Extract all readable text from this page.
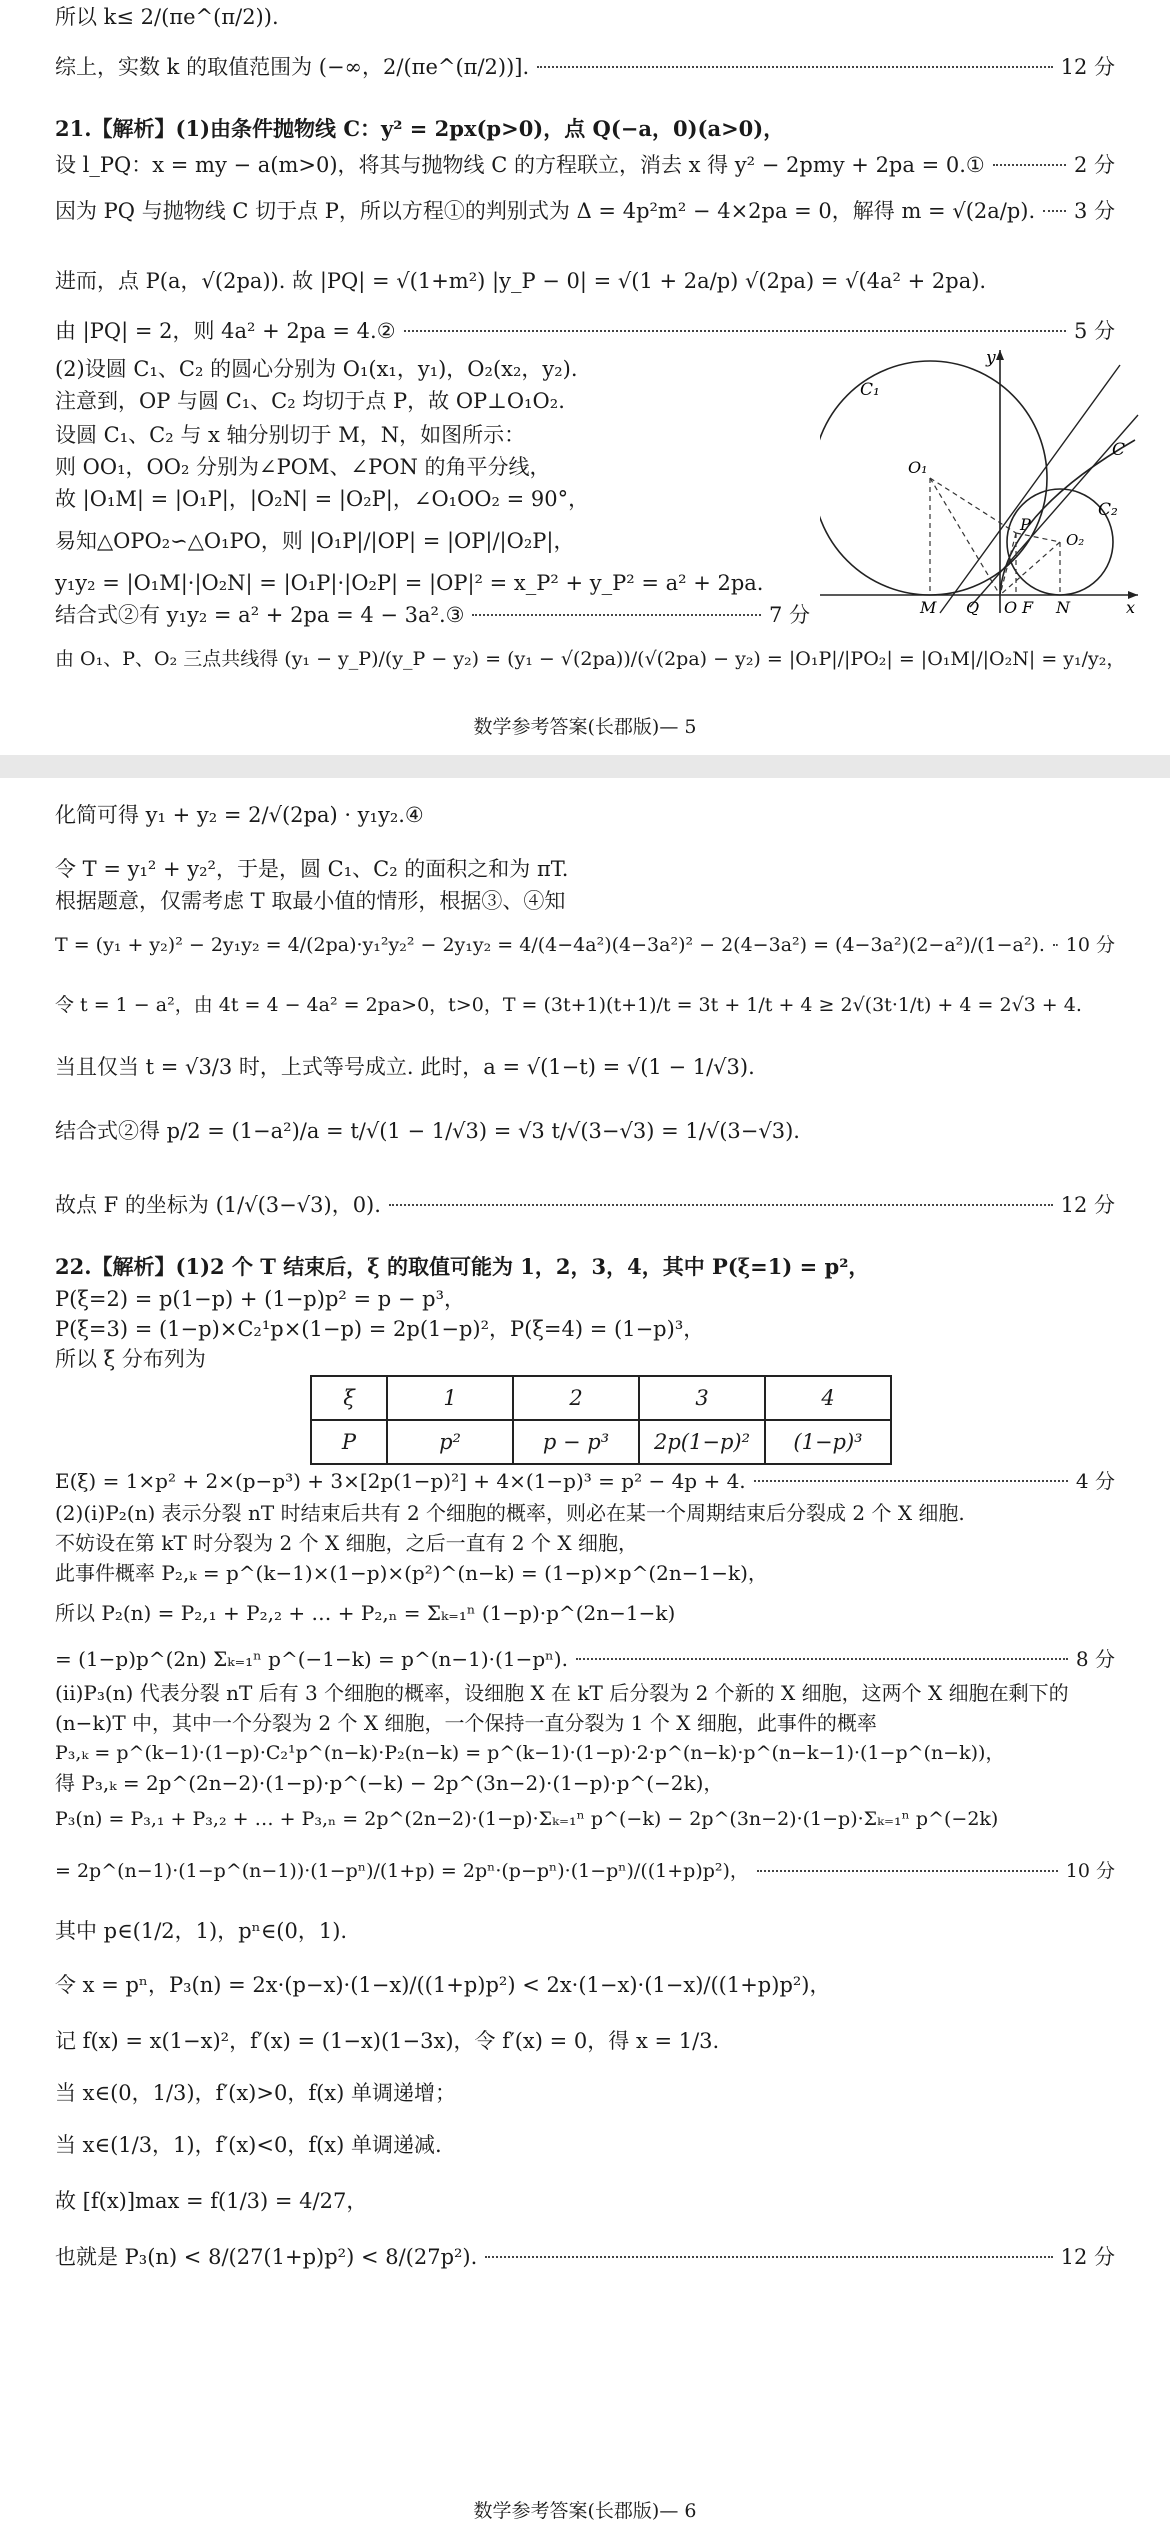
所以 k≤ 2/(πe^(π/2)).
综上，实数 k 的取值范围为 (−∞，2/(πe^(π/2))].	12 分
21.【解析】(1)由条件抛物线 C：y² = 2px(p>0)，点 Q(−a，0)(a>0)，
设 l_PQ：x = my − a(m>0)，将其与抛物线 C 的方程联立，消去 x 得 y² − 2pmy + 2pa = 0.①	2 分
因为 PQ 与抛物线 C 切于点 P，所以方程①的判别式为 Δ = 4p²m² − 4×2pa = 0，解得 m = √(2a/p). 3 分
进而，点 P(a，√(2pa)). 故 |PQ| = √(1+m²) |y_P − 0| = √(1 + 2a/p) √(2pa) = √(4a² + 2pa).
由 |PQ| = 2，则 4a² + 2pa = 4.②	5 分
(2)设圆 C₁、C₂ 的圆心分别为 O₁(x₁，y₁)，O₂(x₂，y₂).
注意到，OP 与圆 C₁、C₂ 均切于点 P，故 OP⊥O₁O₂.
设圆 C₁、C₂ 与 x 轴分别切于 M，N，如图所示：
则 OO₁，OO₂ 分别为∠POM、∠PON 的角平分线，
故 |O₁M| = |O₁P|，|O₂N| = |O₂P|，∠O₁OO₂ = 90°，
易知△OPO₂∽△O₁PO，则 |O₁P|/|OP| = |OP|/|O₂P|，
y₁y₂ = |O₁M|·|O₂N| = |O₁P|·|O₂P| = |OP|² = x_P² + y_P² = a² + 2pa.
结合式②有 y₁y₂ = a² + 2pa = 4 − 3a².③	7 分
由 O₁、P、O₂ 三点共线得 (y₁ − y_P)/(y_P − y₂) = (y₁ − √(2pa))/(√(2pa) − y₂) = |O₁P|/|PO₂| = |O₁M|/|O₂N| = y₁/y₂，
y
C₁
C
C₂
O₁
P
O₂
M Q O F N	x
数学参考答案(长郡版)— 5
化简可得 y₁ + y₂ = 2/√(2pa) · y₁y₂.④
令 T = y₁² + y₂²，于是，圆 C₁、C₂ 的面积之和为 πT.
根据题意，仅需考虑 T 取最小值的情形，根据③、④知
T = (y₁ + y₂)² − 2y₁y₂ = 4/(2pa)·y₁²y₂² − 2y₁y₂ = 4/(4−4a²)(4−3a²)² − 2(4−3a²) = (4−3a²)(2−a²)/(1−a²). 10 分
令 t = 1 − a²，由 4t = 4 − 4a² = 2pa>0，t>0，T = (3t+1)(t+1)/t = 3t + 1/t + 4 ≥ 2√(3t·1/t) + 4 = 2√3 + 4.
当且仅当 t = √3/3 时，上式等号成立. 此时，a = √(1−t) = √(1 − 1/√3).
结合式②得 p/2 = (1−a²)/a = t/√(1 − 1/√3) = √3 t/√(3−√3) = 1/√(3−√3).
故点 F 的坐标为 (1/√(3−√3)，0).	12 分
22.【解析】(1)2 个 T 结束后，ξ 的取值可能为 1，2，3，4，其中 P(ξ=1) = p²，
P(ξ=2) = p(1−p) + (1−p)p² = p − p³，
P(ξ=3) = (1−p)×C₂¹p×(1−p) = 2p(1−p)²，P(ξ=4) = (1−p)³，
所以 ξ 分布列为
ξ	1	2	3	4
P	p²	p − p³	2p(1−p)²	(1−p)³
E(ξ) = 1×p² + 2×(p−p³) + 3×[2p(1−p)²] + 4×(1−p)³ = p² − 4p + 4.	4 分
(2)(i)P₂(n) 表示分裂 nT 时结束后共有 2 个细胞的概率，则必在某一个周期结束后分裂成 2 个 X 细胞.
不妨设在第 kT 时分裂为 2 个 X 细胞，之后一直有 2 个 X 细胞，
此事件概率 P₂,ₖ = p^(k−1)×(1−p)×(p²)^(n−k) = (1−p)×p^(2n−1−k)，
所以 P₂(n) = P₂,₁ + P₂,₂ + … + P₂,ₙ = Σₖ₌₁ⁿ (1−p)·p^(2n−1−k)
= (1−p)p^(2n) Σₖ₌₁ⁿ p^(−1−k) = p^(n−1)·(1−pⁿ).	8 分
(ii)P₃(n) 代表分裂 nT 后有 3 个细胞的概率，设细胞 X 在 kT 后分裂为 2 个新的 X 细胞，这两个 X 细胞在剩下的
(n−k)T 中，其中一个分裂为 2 个 X 细胞，一个保持一直分裂为 1 个 X 细胞，此事件的概率
P₃,ₖ = p^(k−1)·(1−p)·C₂¹p^(n−k)·P₂(n−k) = p^(k−1)·(1−p)·2·p^(n−k)·p^(n−k−1)·(1−p^(n−k))，
得 P₃,ₖ = 2p^(2n−2)·(1−p)·p^(−k) − 2p^(3n−2)·(1−p)·p^(−2k)，
P₃(n) = P₃,₁ + P₃,₂ + … + P₃,ₙ = 2p^(2n−2)·(1−p)·Σₖ₌₁ⁿ p^(−k) − 2p^(3n−2)·(1−p)·Σₖ₌₁ⁿ p^(−2k)
= 2p^(n−1)·(1−p^(n−1))·(1−pⁿ)/(1+p) = 2pⁿ·(p−pⁿ)·(1−pⁿ)/((1+p)p²)，	10 分
其中 p∈(1/2，1)，pⁿ∈(0，1).
令 x = pⁿ，P₃(n) = 2x·(p−x)·(1−x)/((1+p)p²) < 2x·(1−x)·(1−x)/((1+p)p²)，
记 f(x) = x(1−x)²，f′(x) = (1−x)(1−3x)，令 f′(x) = 0，得 x = 1/3.
当 x∈(0，1/3)，f′(x)>0，f(x) 单调递增；
当 x∈(1/3，1)，f′(x)<0，f(x) 单调递减.
故 [f(x)]max = f(1/3) = 4/27，
也就是 P₃(n) < 8/(27(1+p)p²) < 8/(27p²).	12 分
数学参考答案(长郡版)— 6
